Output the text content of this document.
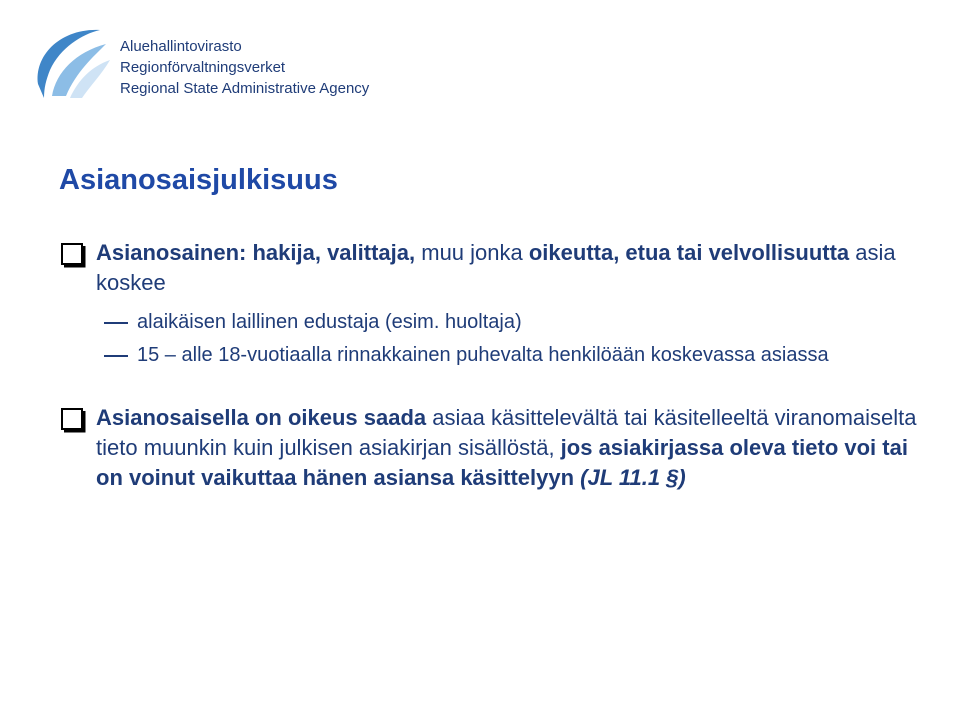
Aluehallintovirasto
Regionförvaltningsverket
Regional State Administrative Agency
Asianosaisjulkisuus
Asianosainen: hakija, valittaja, muu jonka oikeutta, etua tai velvollisuutta asia koskee
alaikäisen laillinen edustaja (esim. huoltaja)
15 – alle 18-vuotiaalla rinnakkainen puhevalta henkilöään koskevassa asiassa
Asianosaisella on oikeus saada asiaa käsittelevältä tai käsitelleeltä viranomaiselta tieto muunkin kuin julkisen asiakirjan sisällöstä, jos asiakirjassa oleva tieto voi tai on voinut vaikuttaa hänen asiansa käsittelyyn (JL 11.1 §)
